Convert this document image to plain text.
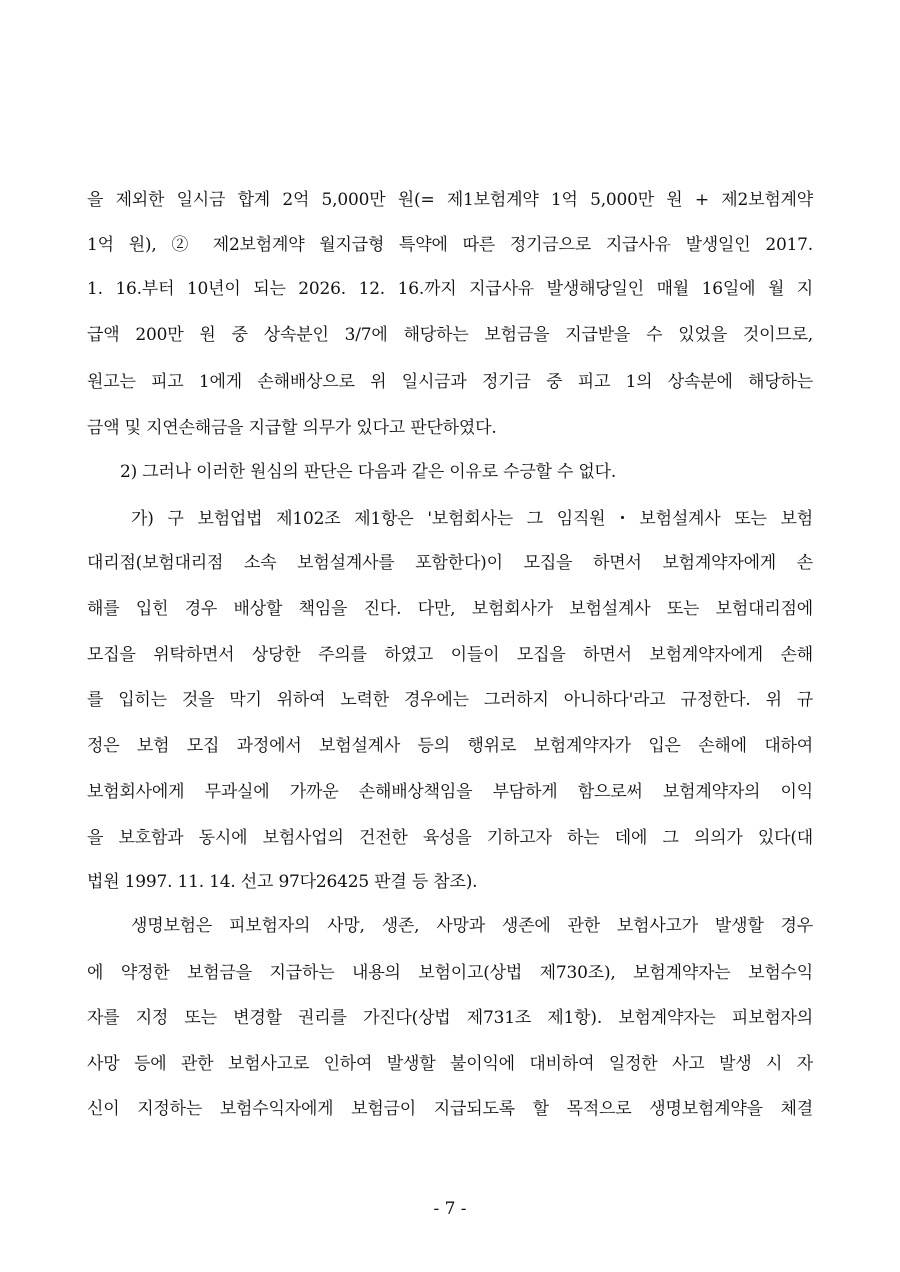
을 제외한 일시금 합계 2억 5,000만 원(= 제1보험계약 1억 5,000만 원 + 제2보험계약
1억 원), ② 제2보험계약 월지급형 특약에 따른 정기금으로 지급사유 발생일인 2017.
1. 16.부터 10년이 되는 2026. 12. 16.까지 지급사유 발생해당일인 매월 16일에 월 지
급액 200만 원 중 상속분인 3/7에 해당하는 보험금을 지급받을 수 있었을 것이므로,
원고는 피고 1에게 손해배상으로 위 일시금과 정기금 중 피고 1의 상속분에 해당하는
금액 및 지연손해금을 지급할 의무가 있다고 판단하였다.
2) 그러나 이러한 원심의 판단은 다음과 같은 이유로 수긍할 수 없다.
가) 구 보험업법 제102조 제1항은 '보험회사는 그 임직원・보험설계사 또는 보험
대리점(보험대리점 소속 보험설계사를 포함한다)이 모집을 하면서 보험계약자에게 손
해를 입힌 경우 배상할 책임을 진다. 다만, 보험회사가 보험설계사 또는 보험대리점에
모집을 위탁하면서 상당한 주의를 하였고 이들이 모집을 하면서 보험계약자에게 손해
를 입히는 것을 막기 위하여 노력한 경우에는 그러하지 아니하다'라고 규정한다. 위 규
정은 보험 모집 과정에서 보험설계사 등의 행위로 보험계약자가 입은 손해에 대하여
보험회사에게 무과실에 가까운 손해배상책임을 부담하게 함으로써 보험계약자의 이익
을 보호함과 동시에 보험사업의 건전한 육성을 기하고자 하는 데에 그 의의가 있다(대
법원 1997. 11. 14. 선고 97다26425 판결 등 참조).
생명보험은 피보험자의 사망, 생존, 사망과 생존에 관한 보험사고가 발생할 경우
에 약정한 보험금을 지급하는 내용의 보험이고(상법 제730조), 보험계약자는 보험수익
자를 지정 또는 변경할 권리를 가진다(상법 제731조 제1항). 보험계약자는 피보험자의
사망 등에 관한 보험사고로 인하여 발생할 불이익에 대비하여 일정한 사고 발생 시 자
신이 지정하는 보험수익자에게 보험금이 지급되도록 할 목적으로 생명보험계약을 체결
- 7 -
